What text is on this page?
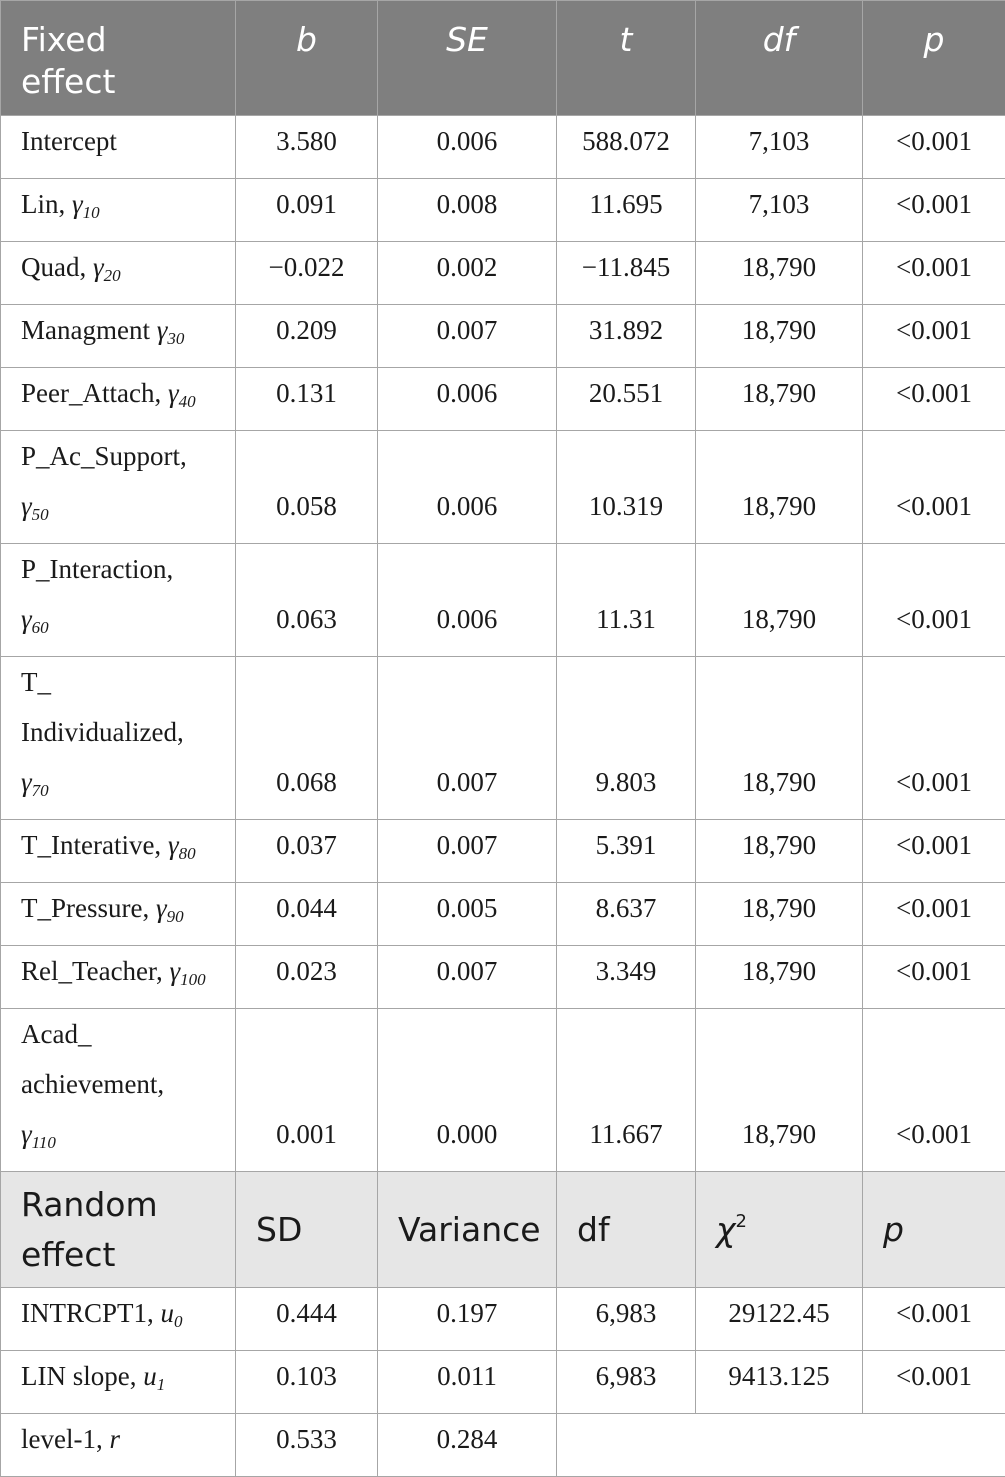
Fixed
effect	b	SE	t	df	p
Intercept	3.580	0.006	588.072	7,103	<0.001
Lin, $\gamma_{10}$	0.091	0.008	11.695	7,103	<0.001
Quad, $\gamma_{20}$	−0.022	0.002	−11.845	18,790	<0.001
Managment $\gamma_{30}$	0.209	0.007	31.892	18,790	<0.001
Peer_Attach, $\gamma_{40}$	0.131	0.006	20.551	18,790	<0.001
P_Ac_Support,
$\gamma_{50}$	0.058	0.006	10.319	18,790	<0.001
P_Interaction,
$\gamma_{60}$	0.063	0.006	11.31	18,790	<0.001
T_
Individualized,
$\gamma_{70}$	0.068	0.007	9.803	18,790	<0.001
T_Interative, $\gamma_{80}$	0.037	0.007	5.391	18,790	<0.001
T_Pressure, $\gamma_{90}$	0.044	0.005	8.637	18,790	<0.001
Rel_Teacher, $\gamma_{100}$	0.023	0.007	3.349	18,790	<0.001
Acad_
achievement,
$\gamma_{110}$	0.001	0.000	11.667	18,790	<0.001
Random
effect	SD	Variance	df	$\chi^2$	p
INTRCPT1, $u_0$	0.444	0.197	6,983	29122.45	<0.001
LIN slope, $u_1$	0.103	0.011	6,983	9413.125	<0.001
level-1, r	0.533	0.284			
